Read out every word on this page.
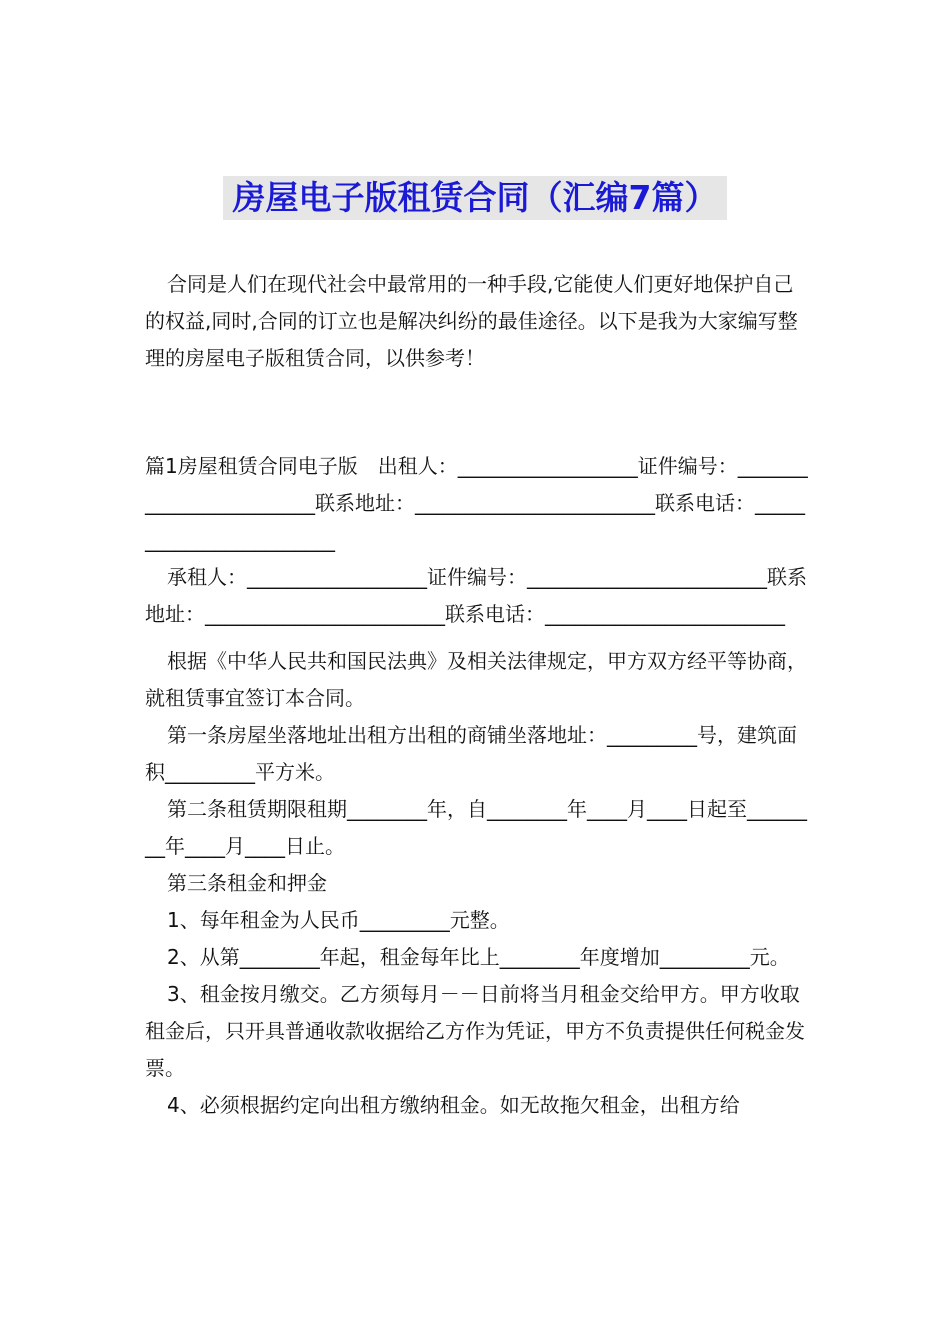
房屋电子版租赁合同（汇编7篇）

合同是人们在现代社会中最常用的一种手段,它能使人们更好地保护自己的权益,同时,合同的订立也是解决纠纷的最佳途径。以下是我为大家编写整理的房屋电子版租赁合同，以供参考！

篇1房屋租赁合同电子版　出租人：__________________证件编号：________________________联系地址：________________________联系电话：________________________

承租人：__________________证件编号：________________________联系地址：________________________联系电话：________________________

根据《中华人民共和国民法典》及相关法律规定，甲方双方经平等协商，就租赁事宜签订本合同。

第一条房屋坐落地址出租方出租的商铺坐落地址：_________号，建筑面积_________平方米。

第二条租赁期限租期________年，自________年____月____日起至________年____月____日止。

第三条租金和押金

1、每年租金为人民币_________元整。

2、从第________年起，租金每年比上________年度增加_________元。

3、租金按月缴交。乙方须每月－－日前将当月租金交给甲方。甲方收取租金后，只开具普通收款收据给乙方作为凭证，甲方不负责提供任何税金发票。

4、必须根据约定向出租方缴纳租金。如无故拖欠租金，出租方给
